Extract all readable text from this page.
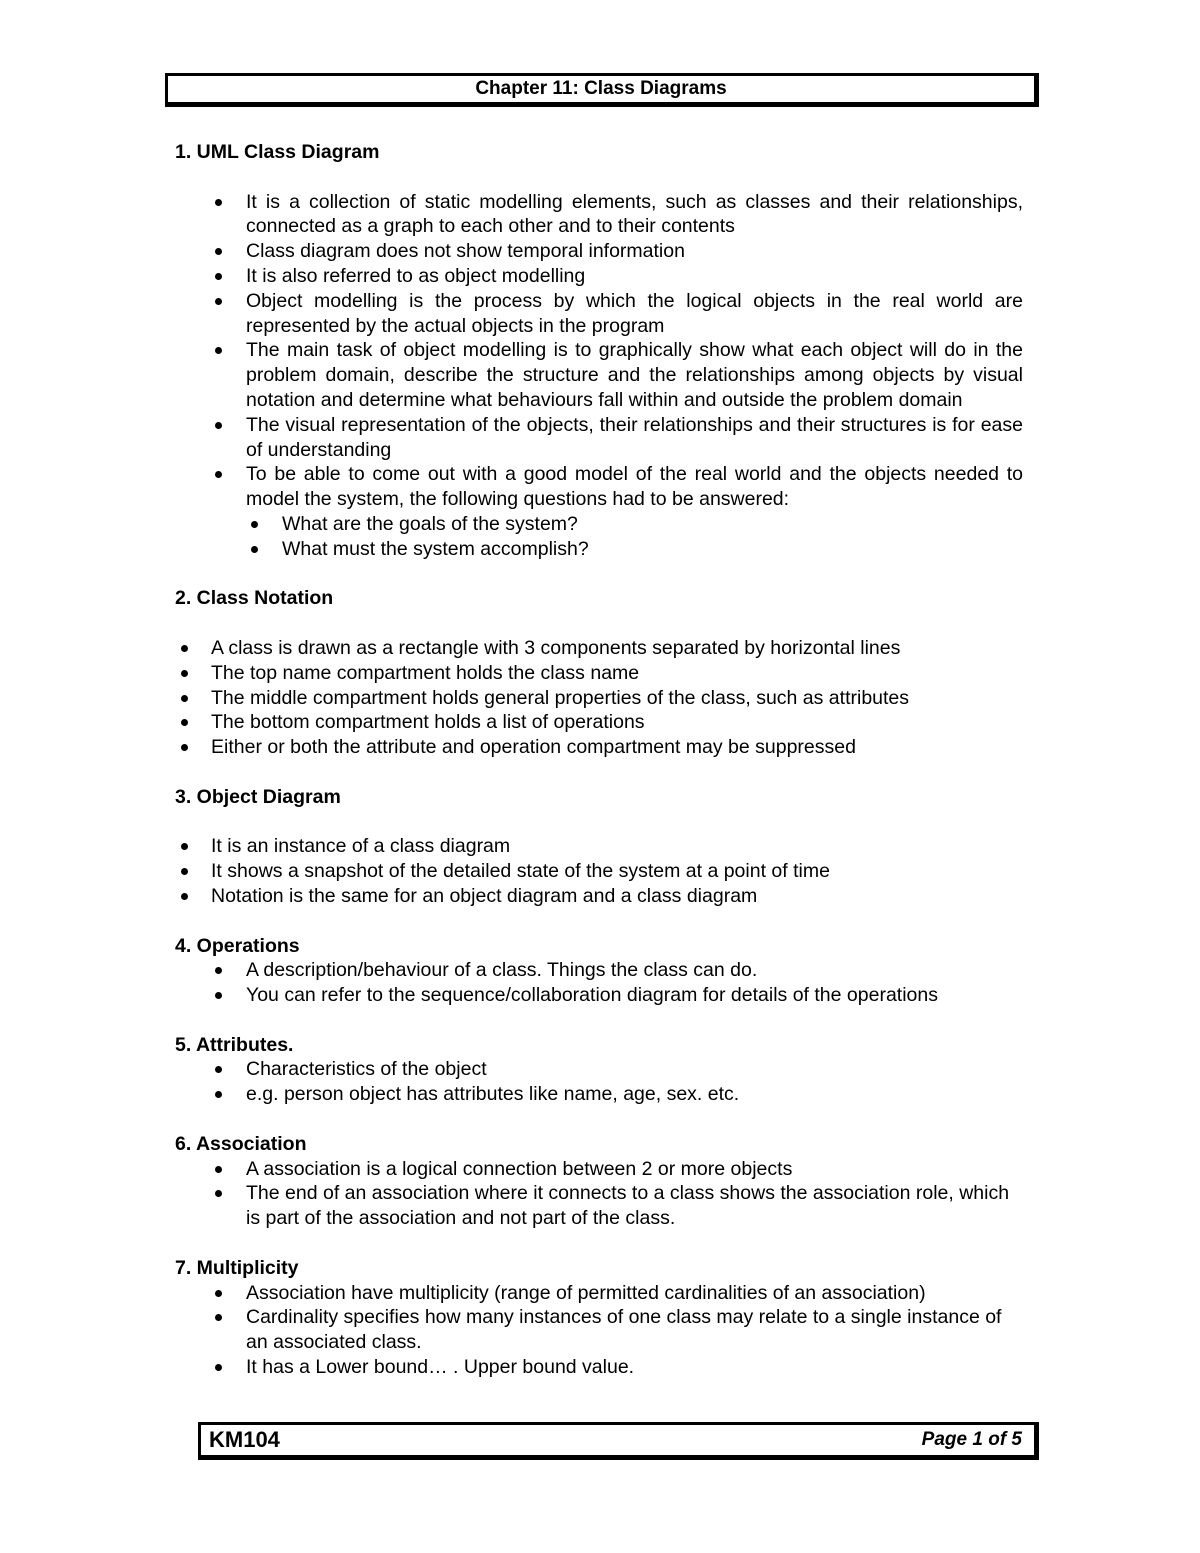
Chapter 11: Class Diagrams
1. UML Class Diagram
It is a collection of static modelling elements, such as classes and their relationships, connected as a graph to each other and to their contents
Class diagram does not show temporal information
It is also referred to as object modelling
Object modelling is the process by which the logical objects in the real world are represented by the actual objects in the program
The main task of object modelling is to graphically show what each object will do in the problem domain, describe the structure and the relationships among objects by visual notation and determine what behaviours fall within and outside the problem domain
The visual representation of the objects, their relationships and their structures is for ease of understanding
To be able to come out with a good model of the real world and the objects needed to model the system, the following questions had to be answered:
What are the goals of the system?
What must the system accomplish?
2. Class Notation
A class is drawn as a rectangle with 3 components separated by horizontal lines
The top name compartment holds the class name
The middle compartment holds general properties of the class, such as attributes
The bottom compartment holds a list of operations
Either or both the attribute and operation compartment may be suppressed
3. Object Diagram
It is an instance of a class diagram
It shows a snapshot of the detailed state of the system at a point of time
Notation is the same for an object diagram and a class diagram
4. Operations
A description/behaviour of a class. Things the class can do.
You can refer to the sequence/collaboration diagram for details of the operations
5. Attributes.
Characteristics of the object
e.g. person object has attributes like name, age, sex. etc.
6. Association
A association is a logical connection between 2 or more objects
The end of an association where it connects to a class shows the association role, which is part of the association and not part of the class.
7. Multiplicity
Association have multiplicity (range of permitted cardinalities of an association)
Cardinality specifies how many instances of one class may relate to a single instance of an associated class.
It has a Lower bound… . Upper bound value.
KM104	Page 1 of 5
